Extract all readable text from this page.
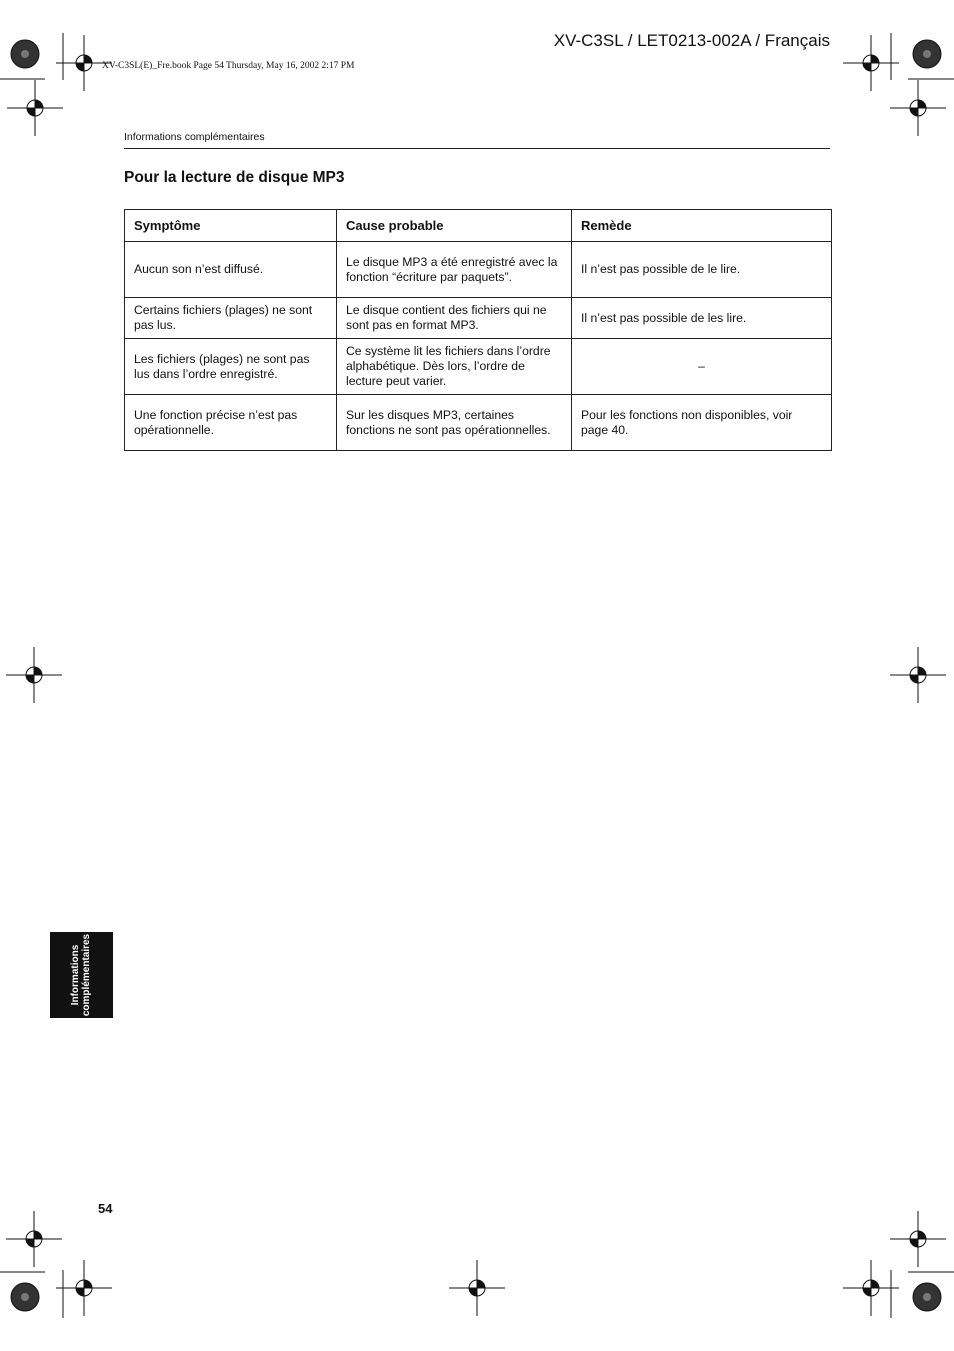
XV-C3SL / LET0213-002A / Français
XV-C3SL(E)_Fre.book Page 54 Thursday, May 16, 2002 2:17 PM
Informations complémentaires
Pour la lecture de disque MP3
Symptôme	Cause probable	Remède
Aucun son n’est diffusé.	Le disque MP3 a été enregistré avec la fonction “écriture par paquets”.	Il n’est pas possible de le lire.
Certains fichiers (plages) ne sont pas lus.	Le disque contient des fichiers qui ne sont pas en format MP3.	Il n’est pas possible de les lire.
Les fichiers (plages) ne sont pas lus dans l’ordre enregistré.	Ce système lit les fichiers dans l’ordre alphabétique. Dès lors, l’ordre de lecture peut varier.	–
Une fonction précise n’est pas opérationnelle.	Sur les disques MP3, certaines fonctions ne sont pas opérationnelles.	Pour les fonctions non disponibles, voir page 40.
Informations complémentaires
54
